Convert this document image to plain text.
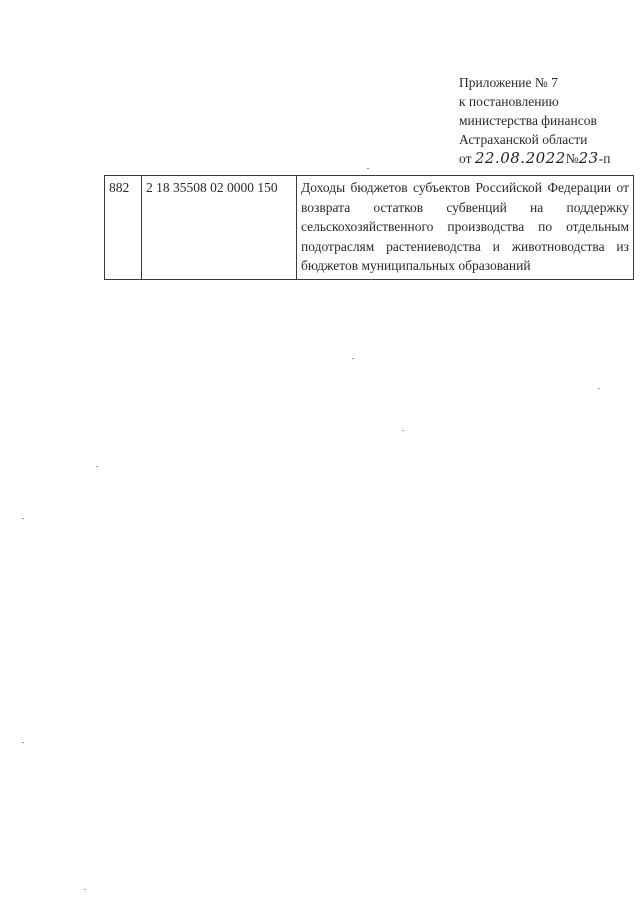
Приложение № 7
к постановлению
министерства финансов
Астраханской области
от 22.08.2022№23-п
882	2 18 35508 02 0000 150	Доходы бюджетов субъектов Российской Федерации от возврата остатков субвенций на поддержку сельскохозяйственного производства по отдельным подотраслям растениеводства и животноводства из бюджетов муниципальных образований
